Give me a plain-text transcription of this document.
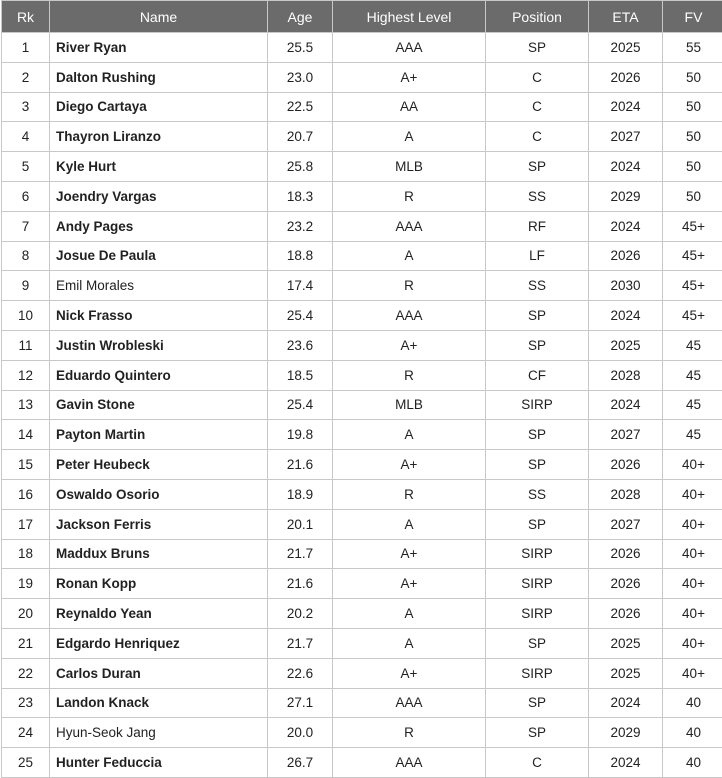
Rk	Name	Age	Highest Level	Position	ETA	FV
1	River Ryan	25.5	AAA	SP	2025	55
2	Dalton Rushing	23.0	A+	C	2026	50
3	Diego Cartaya	22.5	AA	C	2024	50
4	Thayron Liranzo	20.7	A	C	2027	50
5	Kyle Hurt	25.8	MLB	SP	2024	50
6	Joendry Vargas	18.3	R	SS	2029	50
7	Andy Pages	23.2	AAA	RF	2024	45+
8	Josue De Paula	18.8	A	LF	2026	45+
9	Emil Morales	17.4	R	SS	2030	45+
10	Nick Frasso	25.4	AAA	SP	2024	45+
11	Justin Wrobleski	23.6	A+	SP	2025	45
12	Eduardo Quintero	18.5	R	CF	2028	45
13	Gavin Stone	25.4	MLB	SIRP	2024	45
14	Payton Martin	19.8	A	SP	2027	45
15	Peter Heubeck	21.6	A+	SP	2026	40+
16	Oswaldo Osorio	18.9	R	SS	2028	40+
17	Jackson Ferris	20.1	A	SP	2027	40+
18	Maddux Bruns	21.7	A+	SIRP	2026	40+
19	Ronan Kopp	21.6	A+	SIRP	2026	40+
20	Reynaldo Yean	20.2	A	SIRP	2026	40+
21	Edgardo Henriquez	21.7	A	SP	2025	40+
22	Carlos Duran	22.6	A+	SIRP	2025	40+
23	Landon Knack	27.1	AAA	SP	2024	40
24	Hyun-Seok Jang	20.0	R	SP	2029	40
25	Hunter Feduccia	26.7	AAA	C	2024	40
